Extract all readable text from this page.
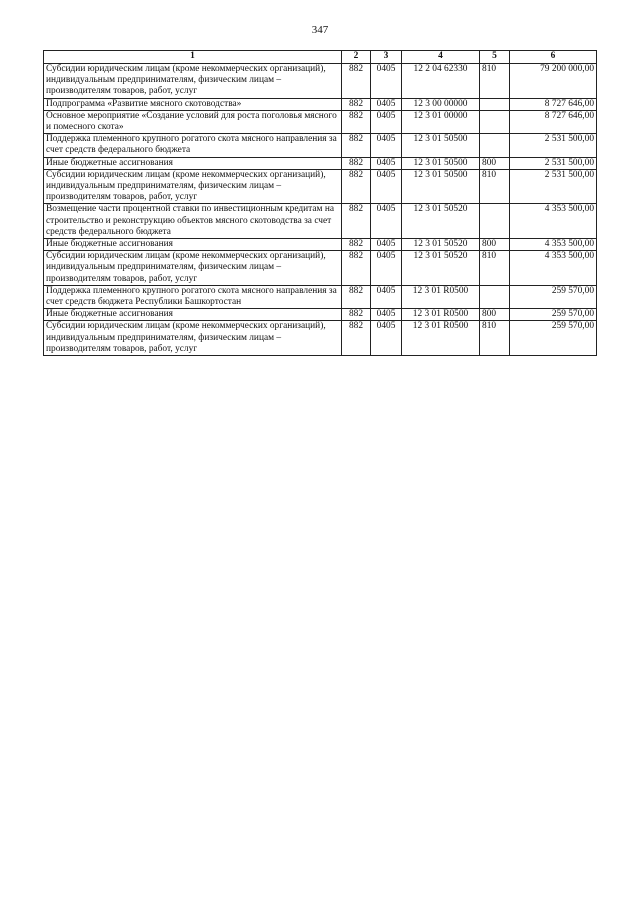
347
1	2	3	4	5	6
Субсидии юридическим лицам (кроме некоммерческих организаций), индивидуальным предпринимателям, физическим лицам – производителям товаров, работ, услуг	882	0405	12 2 04 62330	810	79 200 000,00
Подпрограмма «Развитие мясного скотоводства»	882	0405	12 3 00 00000		8 727 646,00
Основное мероприятие «Создание условий для роста поголовья мясного и помесного скота»	882	0405	12 3 01 00000		8 727 646,00
Поддержка племенного крупного рогатого скота мясного направления за счет средств федерального бюджета	882	0405	12 3 01 50500		2 531 500,00
Иные бюджетные ассигнования	882	0405	12 3 01 50500	800	2 531 500,00
Субсидии юридическим лицам (кроме некоммерческих организаций), индивидуальным предпринимателям, физическим лицам – производителям товаров, работ, услуг	882	0405	12 3 01 50500	810	2 531 500,00
Возмещение части процентной ставки по инвестиционным кредитам на строительство и реконструкцию объектов мясного скотоводства за счет средств федерального бюджета	882	0405	12 3 01 50520		4 353 500,00
Иные бюджетные ассигнования	882	0405	12 3 01 50520	800	4 353 500,00
Субсидии юридическим лицам (кроме некоммерческих организаций), индивидуальным предпринимателям, физическим лицам – производителям товаров, работ, услуг	882	0405	12 3 01 50520	810	4 353 500,00
Поддержка племенного крупного рогатого скота мясного направления за счет средств бюджета Республики Башкортостан	882	0405	12 3 01 R0500		259 570,00
Иные бюджетные ассигнования	882	0405	12 3 01 R0500	800	259 570,00
Субсидии юридическим лицам (кроме некоммерческих организаций), индивидуальным предпринимателям, физическим лицам – производителям товаров, работ, услуг	882	0405	12 3 01 R0500	810	259 570,00
